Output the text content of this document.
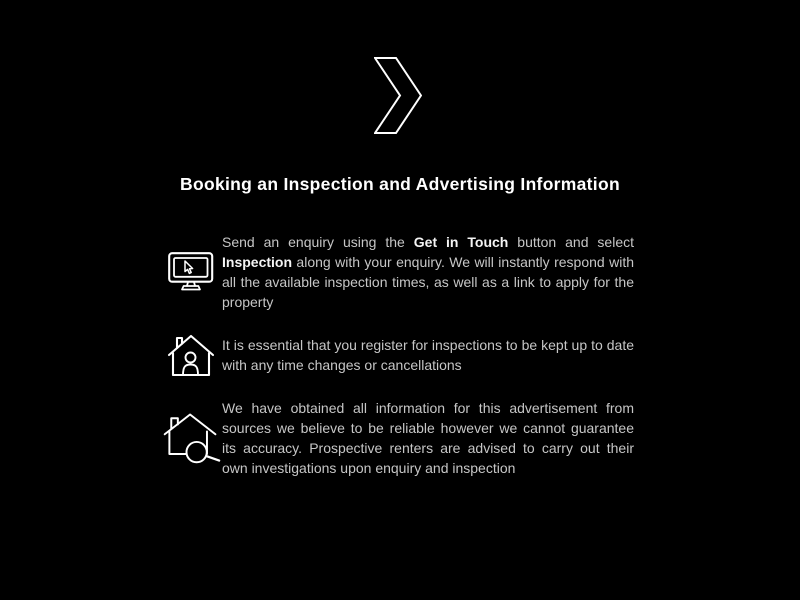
Booking an Inspection and Advertising Information

Send an enquiry using the Get in Touch button and select Inspection along with your enquiry. We will instantly respond with all the available inspection times, as well as a link to apply for the property

It is essential that you register for inspections to be kept up to date with any time changes or cancellations

We have obtained all information for this advertisement from sources we believe to be reliable however we cannot guarantee its accuracy. Prospective renters are advised to carry out their own investigations upon enquiry and inspection
